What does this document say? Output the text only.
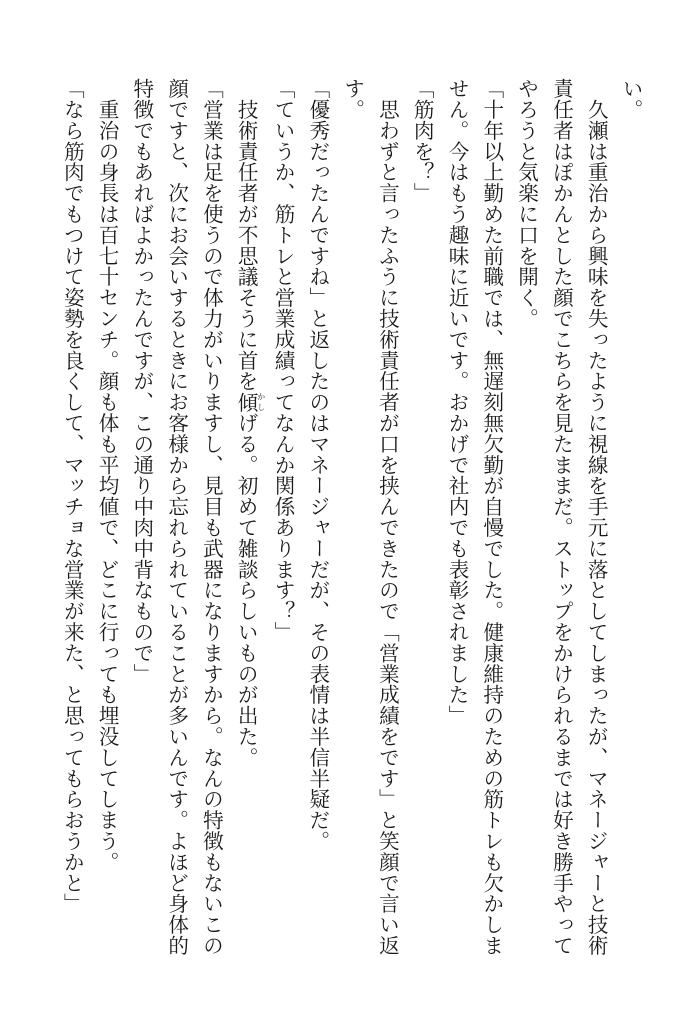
い。
　久瀬は重治から興味を失ったように視線を手元に落としてしまったが、マネージャーと技術
責任者はぽかんとした顔でこちらを見たままだ。ストップをかけられるまでは好き勝手やって
やろうと気楽に口を開く。
「十年以上勤めた前職では、無遅刻無欠勤が自慢でした。健康維持のための筋トレも欠かしま
せん。今はもう趣味に近いです。おかげで社内でも表彰されました」
「筋肉を？」
　思わずと言ったふうに技術責任者が口を挟んできたので「営業成績をです」と笑顔で言い返
す。
「優秀だったんですね」と返したのはマネージャーだが、その表情は半信半疑だ。
「ていうか、筋トレと営業成績ってなんか関係あります？」
　技術責任者が不思議そうに首を傾かしげる。初めて雑談らしいものが出た。
「営業は足を使うので体力がいりますし、見目も武器になりますから。なんの特徴もないこの
顔ですと、次にお会いするときにお客様から忘れられていることが多いんです。よほど身体的
特徴でもあればよかったんですが、この通り中肉中背なもので」
　重治の身長は百七十センチ。顔も体も平均値で、どこに行っても埋没してしまう。
「なら筋肉でもつけて姿勢を良くして、マッチョな営業が来た、と思ってもらおうかと」
